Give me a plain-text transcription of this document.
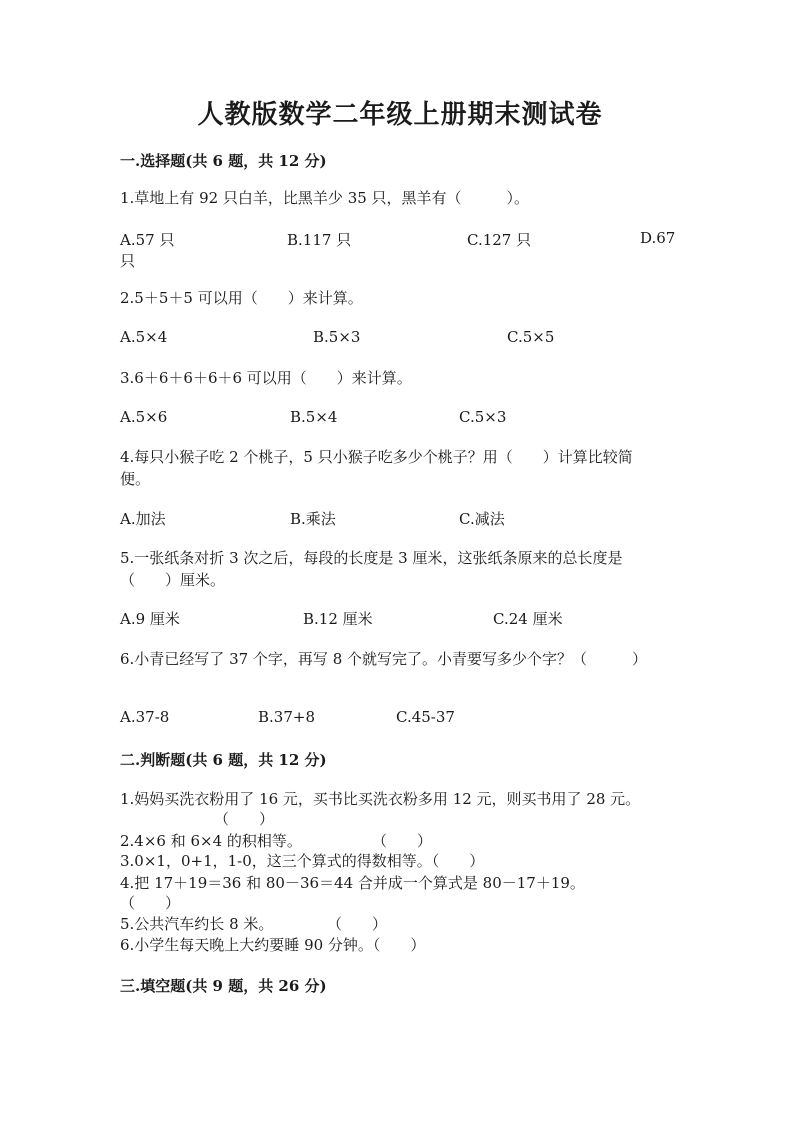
人教版数学二年级上册期末测试卷
一.选择题(共 6 题，共 12 分)
1.草地上有 92 只白羊，比黑羊少 35 只，黑羊有（　　　）。
A.57 只	B.117 只	C.127 只	D.67
只
2.5＋5＋5 可以用（　　）来计算。
A.5×4	B.5×3	C.5×5
3.6＋6＋6＋6＋6 可以用（　　）来计算。
A.5×6	B.5×4	C.5×3
4.每只小猴子吃 2 个桃子，5 只小猴子吃多少个桃子？用（　　）计算比较简
便。
A.加法	B.乘法	C.减法
5.一张纸条对折 3 次之后，每段的长度是 3 厘米，这张纸条原来的总长度是
（　　）厘米。
A.9 厘米	B.12 厘米	C.24 厘米
6.小青已经写了 37 个字，再写 8 个就写完了。小青要写多少个字？（　　　）
A.37-8	B.37+8	C.45-37
二.判断题(共 6 题，共 12 分)
1.妈妈买洗衣粉用了 16 元，买书比买洗衣粉多用 12 元，则买书用了 28 元。
（　　）
2.4×6 和 6×4 的积相等。	（　　）
3.0×1，0+1，1-0，这三个算式的得数相等。（　　）
4.把 17＋19＝36 和 80－36＝44 合并成一个算式是 80－17＋19。
（　　）
5.公共汽车约长 8 米。	（　　）
6.小学生每天晚上大约要睡 90 分钟。（　　）
三.填空题(共 9 题，共 26 分)
